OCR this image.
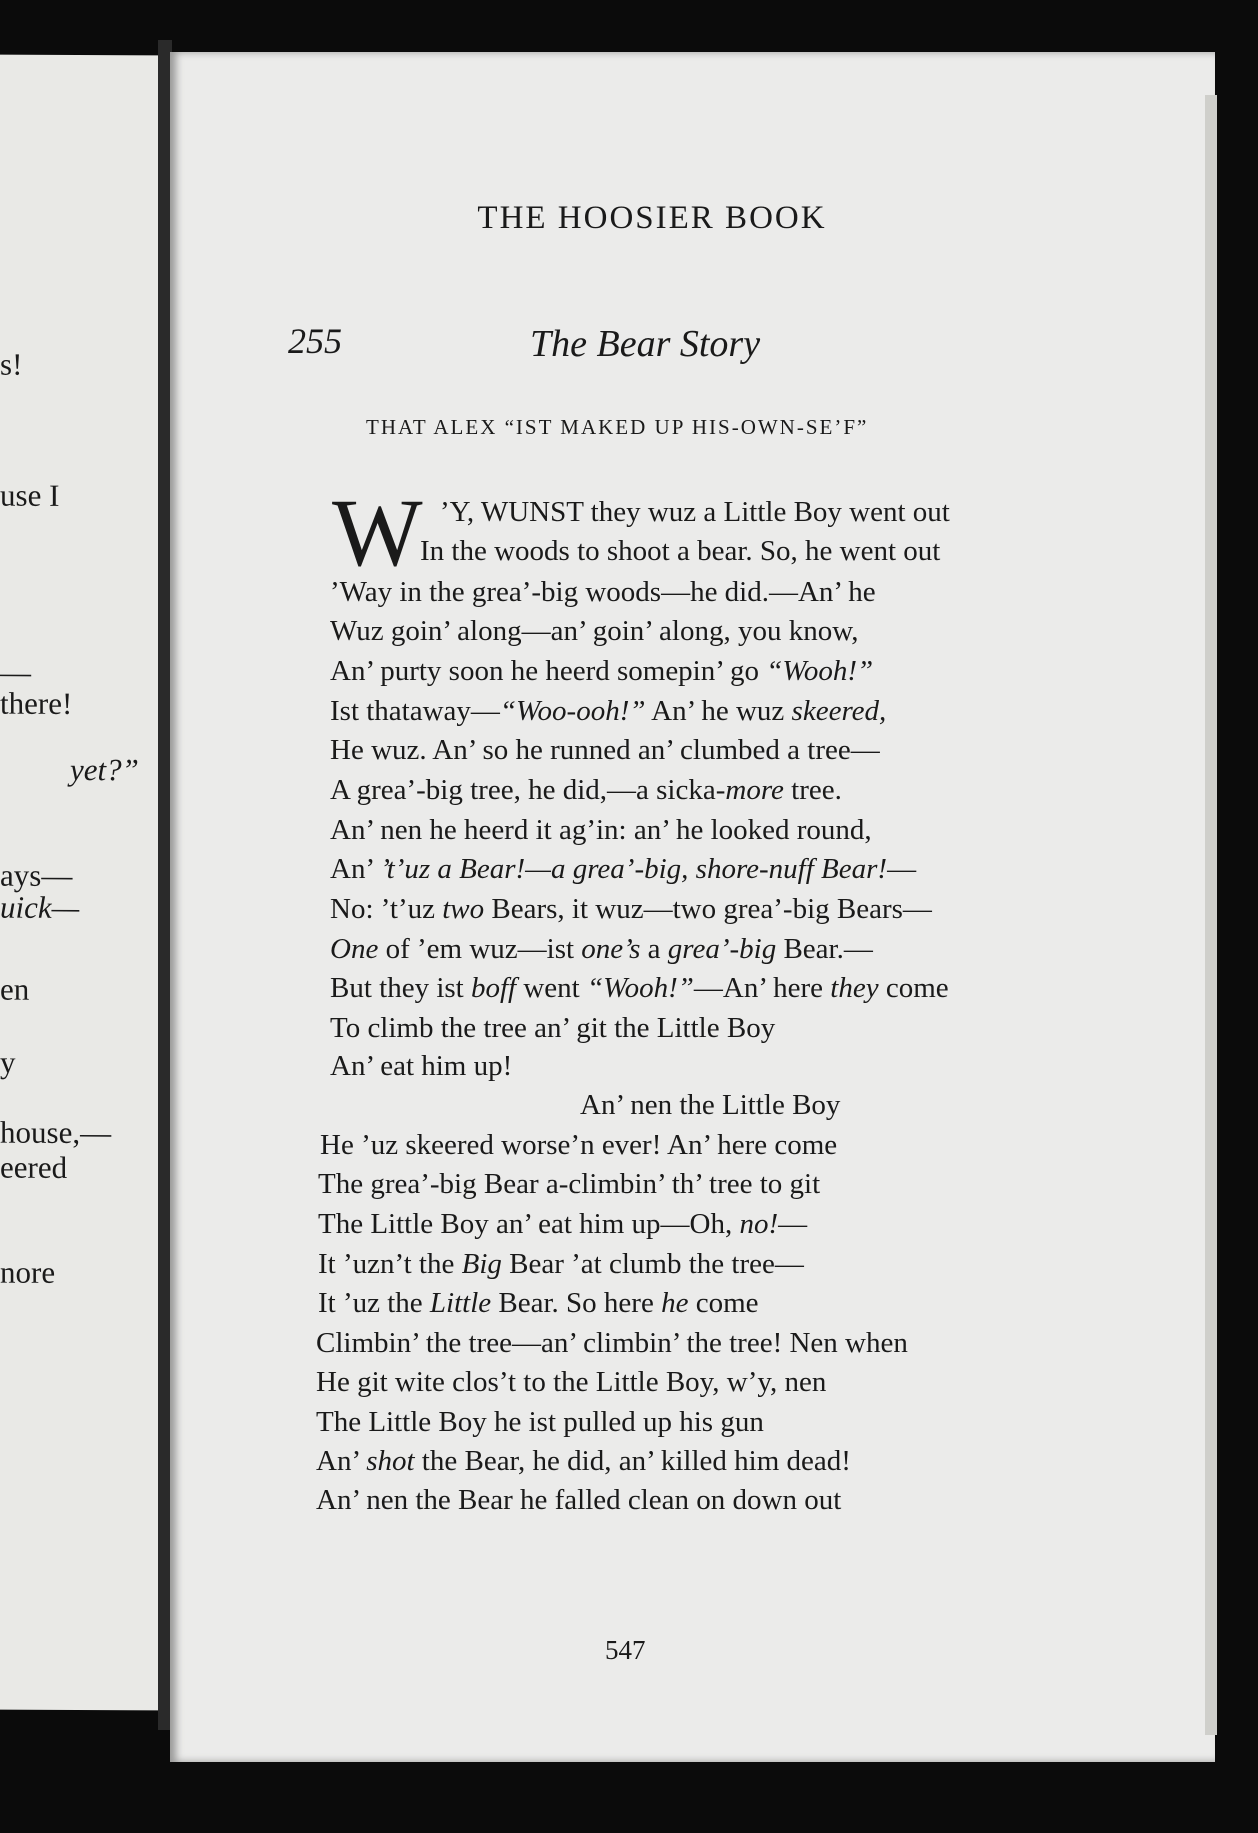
s!
use I
—
there!
yet?”
ays—
uick—
en
y
house,—
eered
nore
THE HOOSIER BOOK
255	The Bear Story
THAT ALEX “IST MAKED UP HIS-OWN-SE’F”
W ’Y, WUNST they wuz a Little Boy went out
In the woods to shoot a bear. So, he went out
’Way in the grea’-big woods—he did.—An’ he
Wuz goin’ along—an’ goin’ along, you know,
An’ purty soon he heerd somepin’ go “Wooh!”
Ist thataway—“Woo-ooh!” An’ he wuz skeered,
He wuz. An’ so he runned an’ clumbed a tree—
A grea’-big tree, he did,—a sicka-more tree.
An’ nen he heerd it ag’in: an’ he looked round,
An’ ’t’uz a Bear!—a grea’-big, shore-nuff Bear!—
No: ’t’uz two Bears, it wuz—two grea’-big Bears—
One of ’em wuz—ist one’s a grea’-big Bear.—
But they ist boff went “Wooh!”—An’ here they come
To climb the tree an’ git the Little Boy
An’ eat him up!
An’ nen the Little Boy
He ’uz skeered worse’n ever! An’ here come
The grea’-big Bear a-climbin’ th’ tree to git
The Little Boy an’ eat him up—Oh, no!—
It ’uzn’t the Big Bear ’at clumb the tree—
It ’uz the Little Bear. So here he come
Climbin’ the tree—an’ climbin’ the tree! Nen when
He git wite clos’t to the Little Boy, w’y, nen
The Little Boy he ist pulled up his gun
An’ shot the Bear, he did, an’ killed him dead!
An’ nen the Bear he falled clean on down out
547
